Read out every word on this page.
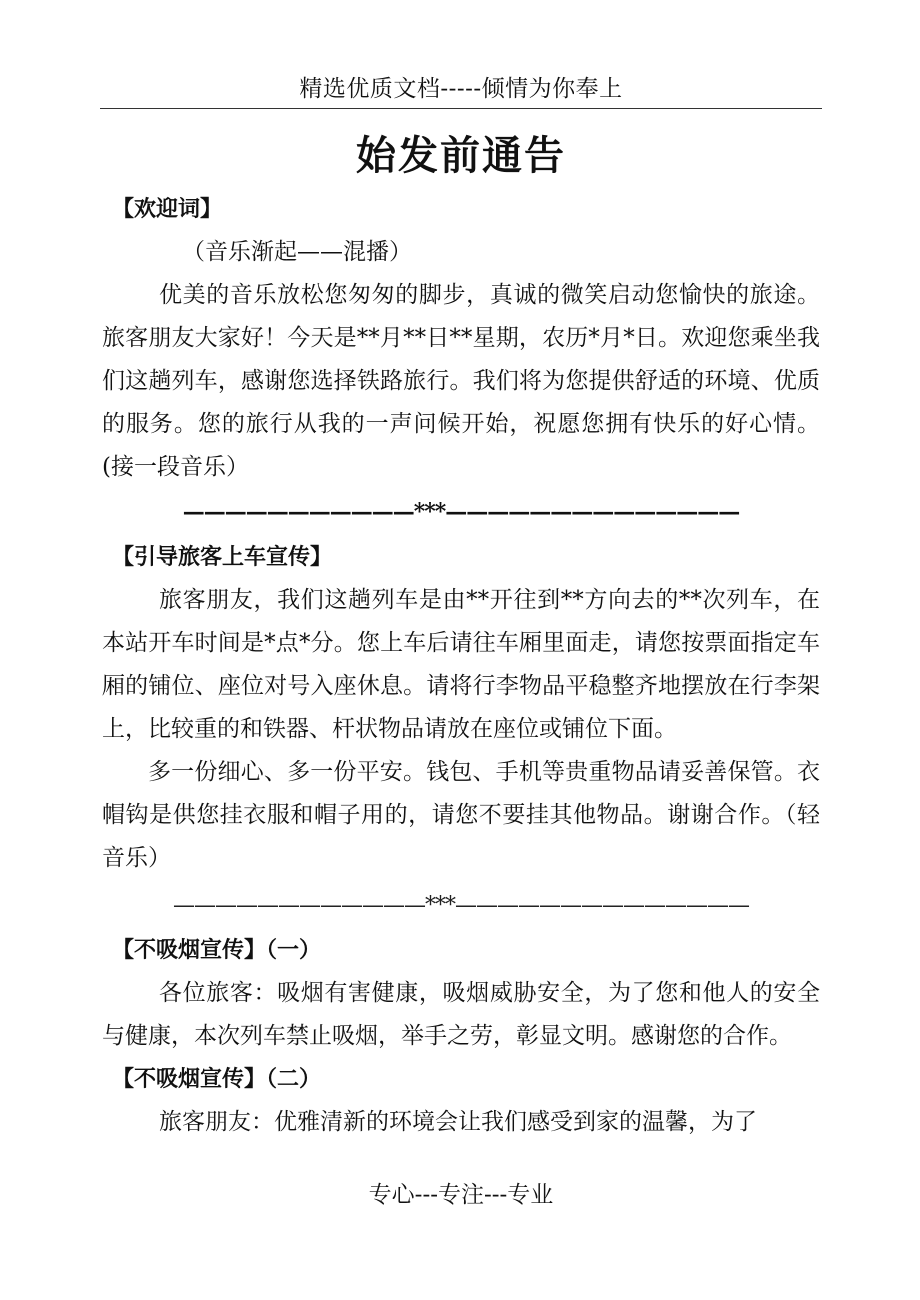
精选优质文档-----倾情为你奉上
始发前通告

【欢迎词】

（音乐渐起——混播）

优美的音乐放松您匆匆的脚步，真诚的微笑启动您愉快的旅途。旅客朋友大家好！今天是**月**日**星期，农历*月*日。欢迎您乘坐我们这趟列车，感谢您选择铁路旅行。我们将为您提供舒适的环境、优质的服务。您的旅行从我的一声问候开始，祝愿您拥有快乐的好心情。(接一段音乐）

———————————***——————————————

【引导旅客上车宣传】

旅客朋友，我们这趟列车是由**开往到**方向去的**次列车，在本站开车时间是*点*分。您上车后请往车厢里面走，请您按票面指定车厢的铺位、座位对号入座休息。请将行李物品平稳整齐地摆放在行李架上，比较重的和铁器、杆状物品请放在座位或铺位下面。

多一份细心、多一份平安。钱包、手机等贵重物品请妥善保管。衣帽钩是供您挂衣服和帽子用的，请您不要挂其他物品。谢谢合作。（轻音乐）

————————————***——————————————

【不吸烟宣传】（一）

各位旅客：吸烟有害健康，吸烟威胁安全，为了您和他人的安全与健康，本次列车禁止吸烟，举手之劳，彰显文明。感谢您的合作。

【不吸烟宣传】（二）

旅客朋友：优雅清新的环境会让我们感受到家的温馨，为了

专心---专注---专业
